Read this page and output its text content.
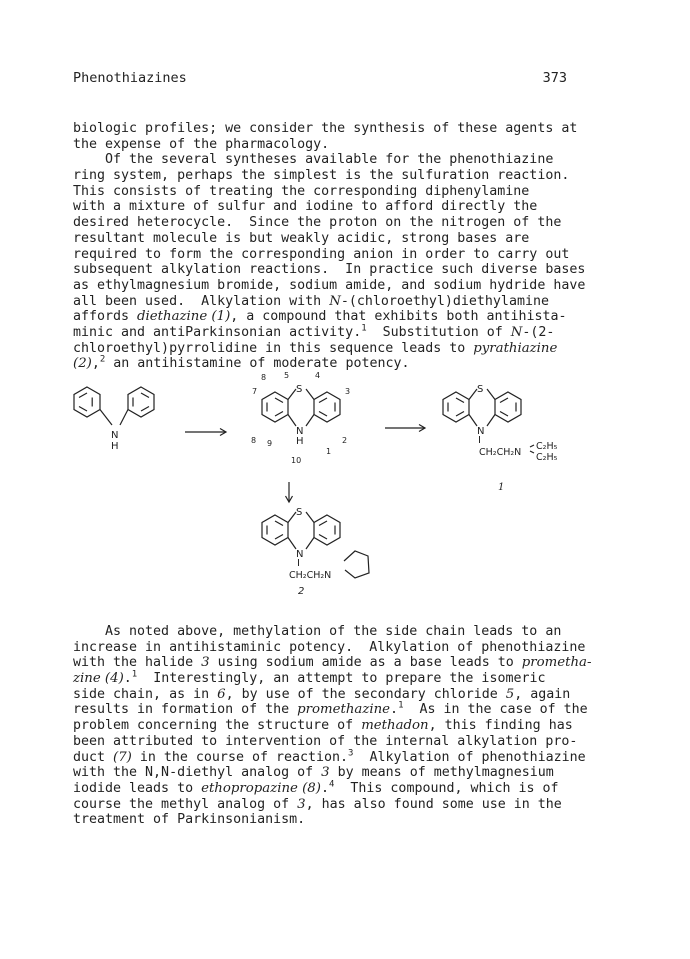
Phenothiazines	373
biologic profiles; we consider the synthesis of these agents at
the expense of the pharmacology.
Of the several syntheses available for the phenothiazine
ring system, perhaps the simplest is the sulfuration reaction.
This consists of treating the corresponding diphenylamine
with a mixture of sulfur and iodine to afford directly the
desired heterocycle.  Since the proton on the nitrogen of the
resultant molecule is but weakly acidic, strong bases are
required to form the corresponding anion in order to carry out
subsequent alkylation reactions.  In practice such diverse bases
as ethylmagnesium bromide, sodium amide, and sodium hydride have
all been used.  Alkylation with N-(chloroethyl)diethylamine
affords diethazine (1), a compound that exhibits both antihista-
minic and antiParkinsonian activity.$^1$  Substitution of N-(2-
chloroethyl)pyrrolidine in this sequence leads to pyrathiazine
(2),$^2$ an antihistamine of moderate potency.
N
H
S
N
H
8 5	4
7	3
8 9	2
1
10
S
N
I
CH₂CH₂N
C₂H₅
C₂H₅
1
S
N
I
CH₂CH₂N
2
As noted above, methylation of the side chain leads to an
increase in antihistaminic potency.  Alkylation of phenothiazine
with the halide 3 using sodium amide as a base leads to prometha-
zine (4).$^1$  Interestingly, an attempt to prepare the isomeric
side chain, as in 6, by use of the secondary chloride 5, again
results in formation of the promethazine.$^1$  As in the case of the
problem concerning the structure of methadon, this finding has
been attributed to intervention of the internal alkylation pro-
duct (7) in the course of reaction.$^3$  Alkylation of phenothiazine
with the N,N-diethyl analog of 3 by means of methylmagnesium
iodide leads to ethopropazine (8).$^4$  This compound, which is of
course the methyl analog of 3, has also found some use in the
treatment of Parkinsonianism.
